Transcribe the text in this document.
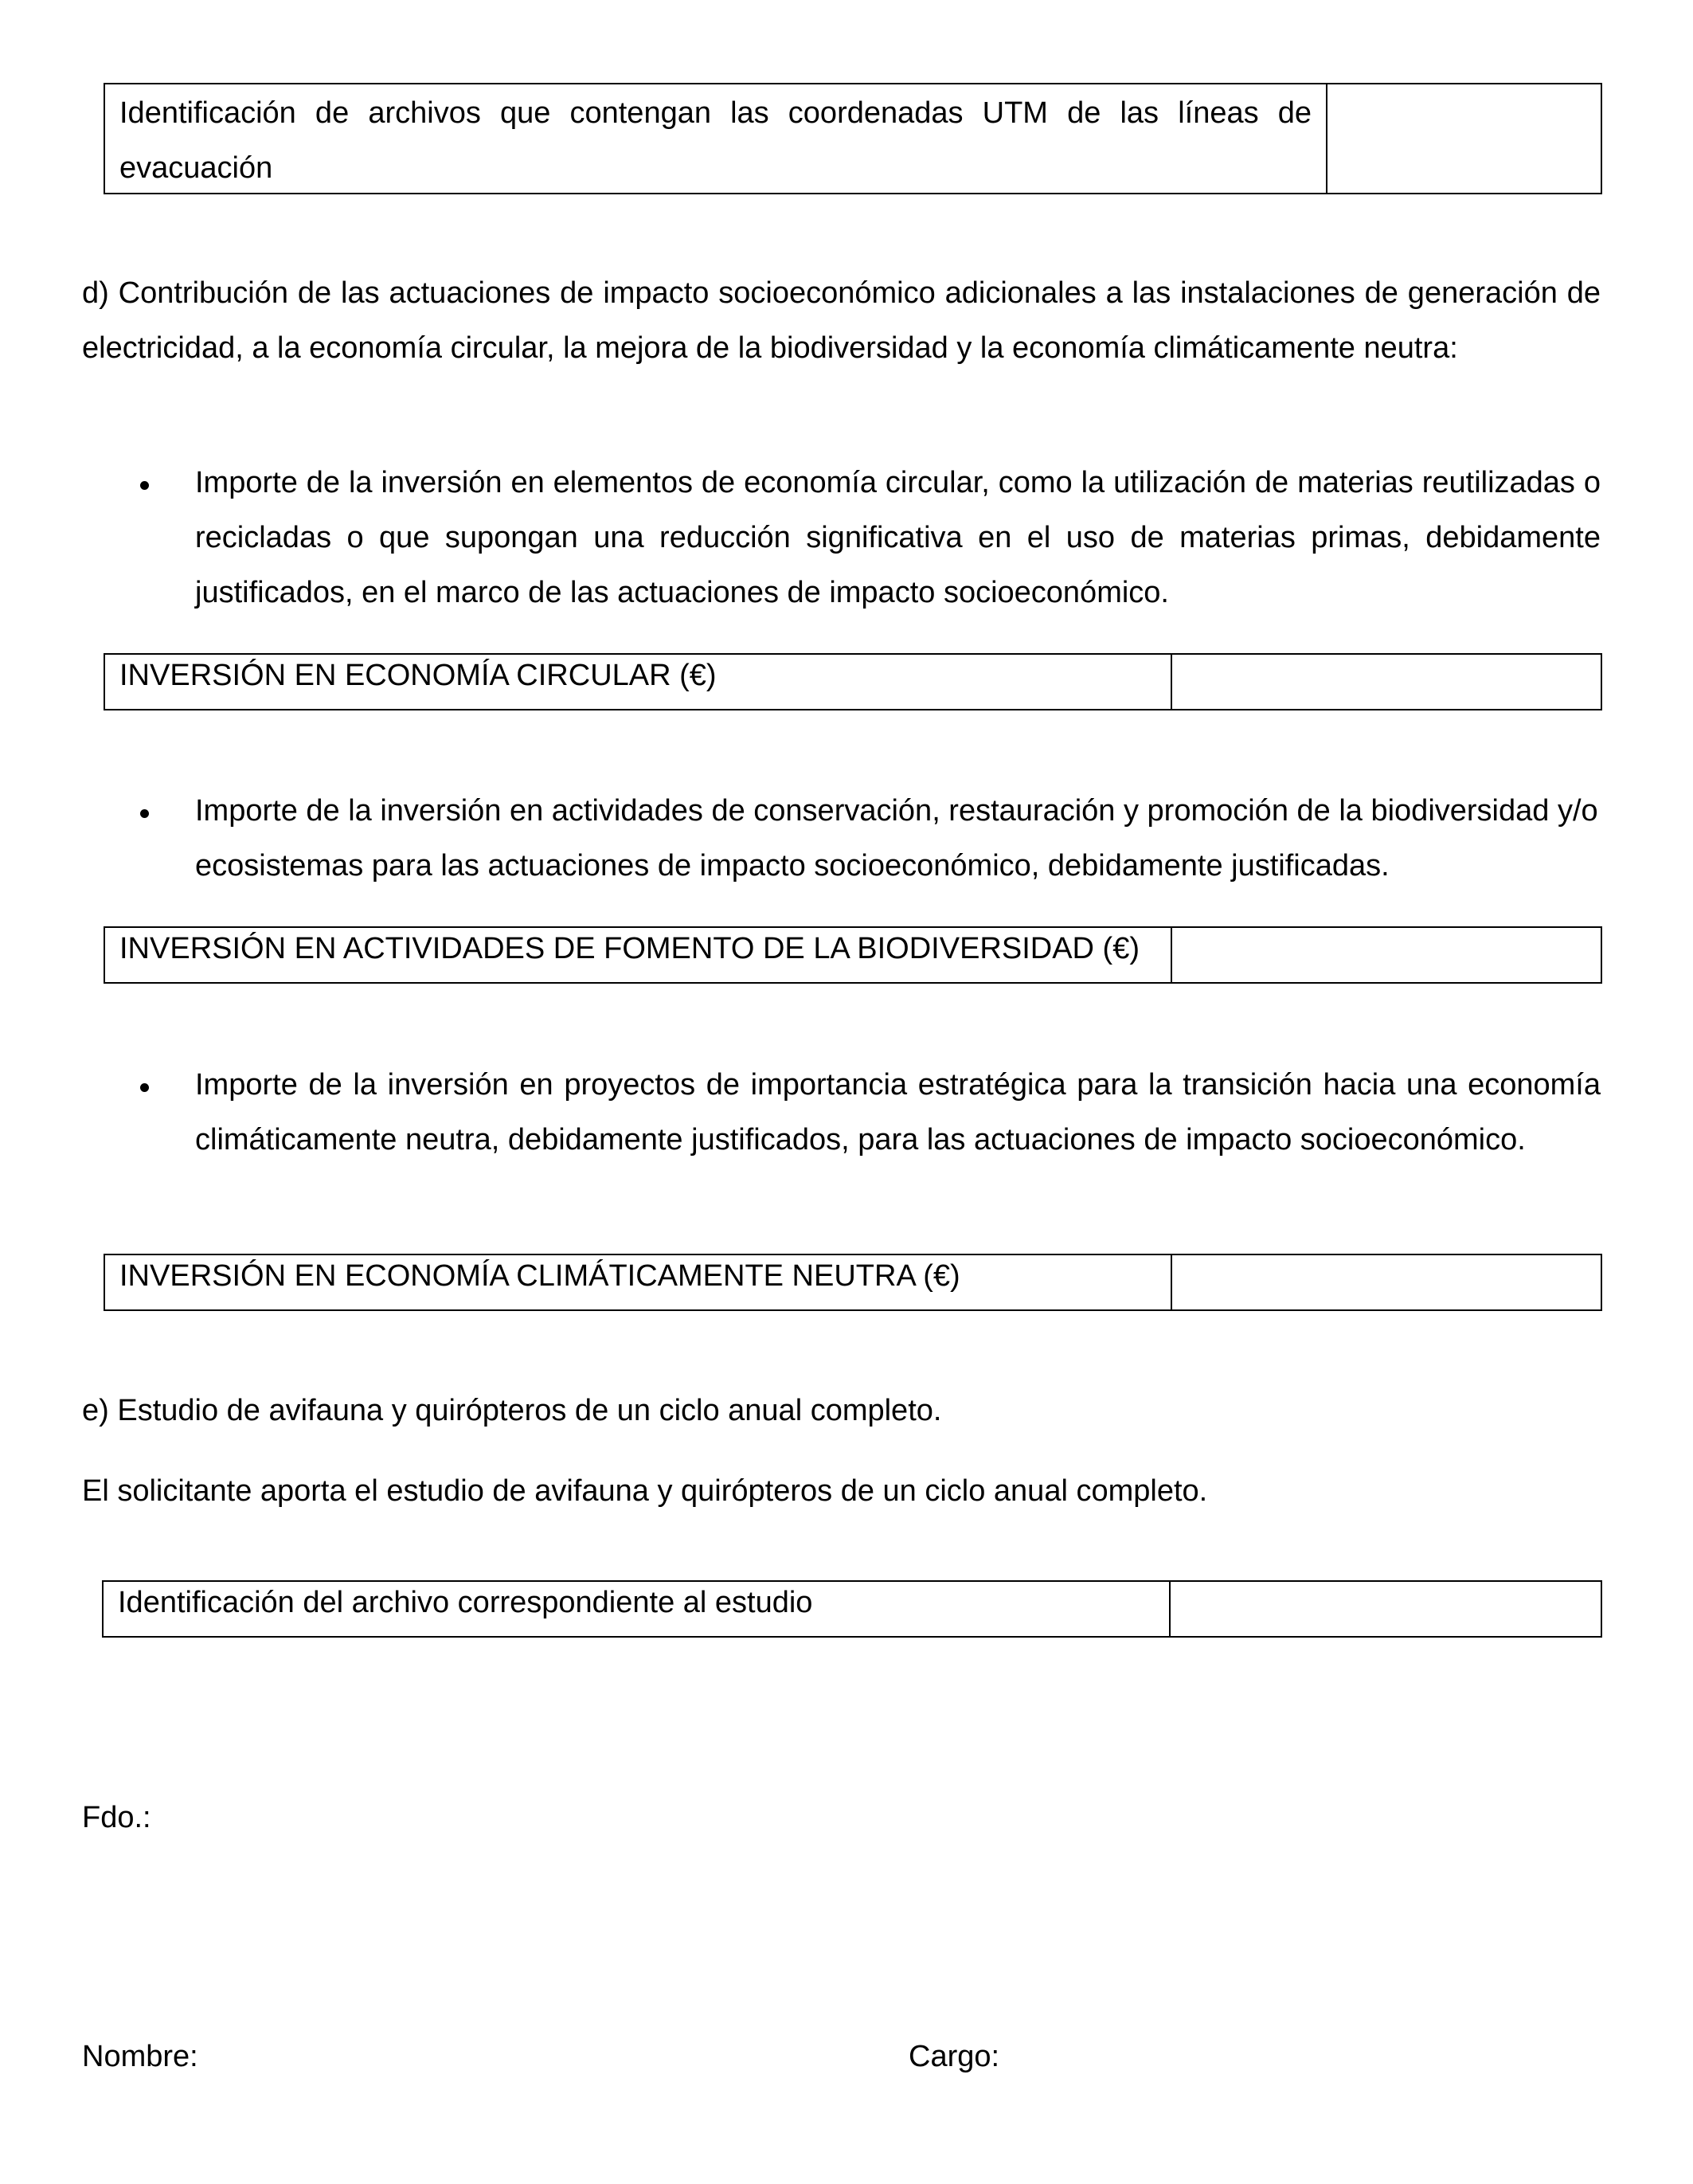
Identificación de archivos que contengan las coordenadas UTM de las líneas de evacuación
d) Contribución de las actuaciones de impacto socioeconómico adicionales a las instalaciones de generación de electricidad, a la economía circular, la mejora de la biodiversidad y la economía climáticamente neutra:
Importe de la inversión en elementos de economía circular, como la utilización de materias reutilizadas o recicladas o que supongan una reducción significativa en el uso de materias primas, debidamente justificados, en el marco de las actuaciones de impacto socioeconómico.
INVERSIÓN EN ECONOMÍA CIRCULAR (€)
Importe de la inversión en actividades de conservación, restauración y promoción de la biodiversidad y/o ecosistemas para las actuaciones de impacto socioeconómico, debidamente justificadas.
INVERSIÓN EN ACTIVIDADES DE FOMENTO DE LA BIODIVERSIDAD (€)
Importe de la inversión en proyectos de importancia estratégica para la transición hacia una economía climáticamente neutra, debidamente justificados, para las actuaciones de impacto socioeconómico.
INVERSIÓN EN ECONOMÍA CLIMÁTICAMENTE NEUTRA (€)
e) Estudio de avifauna y quirópteros de un ciclo anual completo.
El solicitante aporta el estudio de avifauna y quirópteros de un ciclo anual completo.
Identificación del archivo correspondiente al estudio
Fdo.:
Nombre:	Cargo:
